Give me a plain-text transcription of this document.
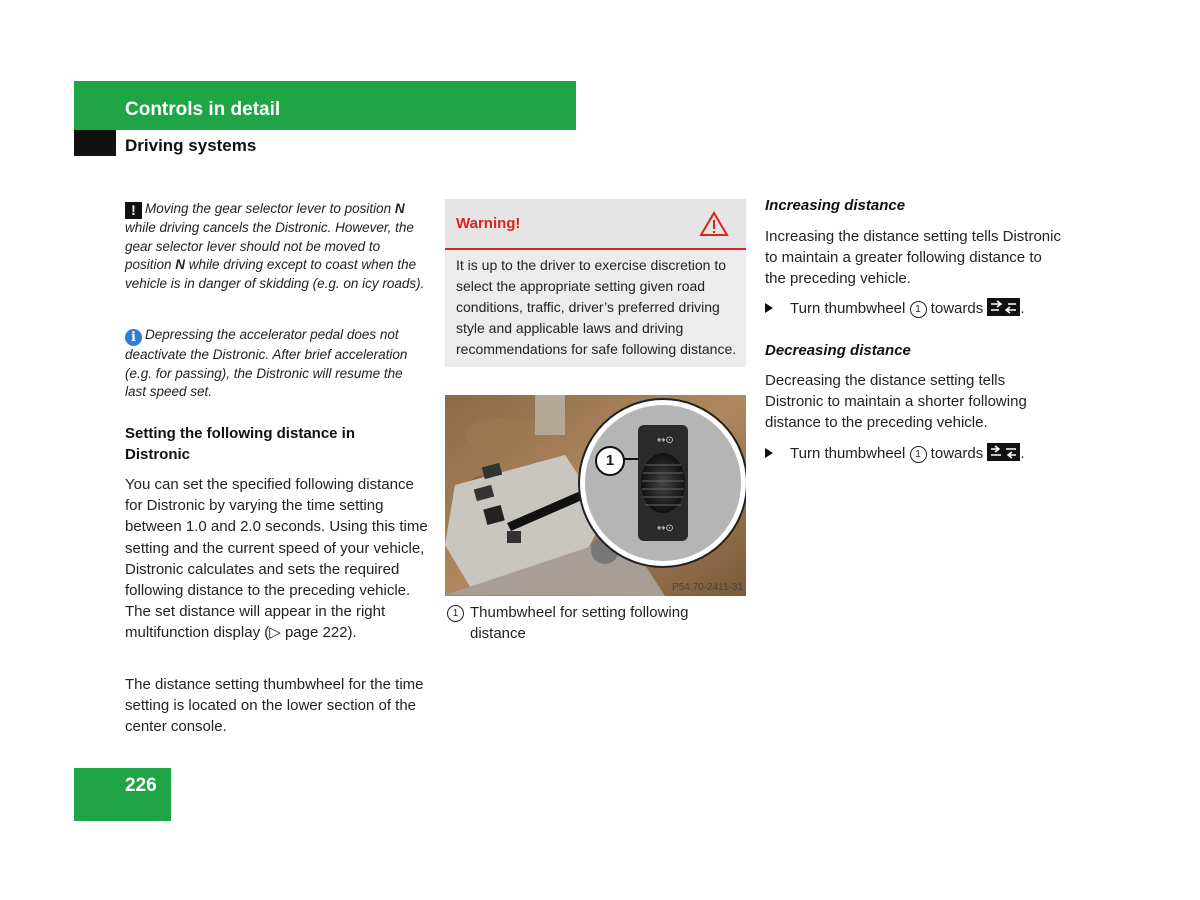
Controls in detail
Driving systems
! Moving the gear selector lever to position N while driving cancels the Distronic. However, the gear selector lever should not be moved to position N while driving except to coast when the vehicle is in danger of skidding (e.g. on icy roads).
i Depressing the accelerator pedal does not deactivate the Distronic. After brief acceleration (e.g. for passing), the Distronic will resume the last speed set.
Setting the following distance in Distronic
You can set the specified following distance for Distronic by varying the time setting between 1.0 and 2.0 seconds. Using this time setting and the current speed of your vehicle, Distronic calculates and sets the required following distance to the preceding vehicle. The set distance will appear in the right multifunction display (▷ page 222).
The distance setting thumbwheel for the time setting is located on the lower section of the center console.
Warning!
It is up to the driver to exercise discretion to select the appropriate setting given road conditions, traffic, driver’s preferred driving style and applicable laws and driving recommendations for safe following distance.
↔⊙
↔⊙
1
P54.70-2411-31
1 Thumbwheel for setting following distance
Increasing distance
Increasing the distance setting tells Distronic to maintain a greater following distance to the preceding vehicle.
Turn thumbwheel 1 towards .
Decreasing distance
Decreasing the distance setting tells Distronic to maintain a shorter following distance to the preceding vehicle.
Turn thumbwheel 1 towards .
226
